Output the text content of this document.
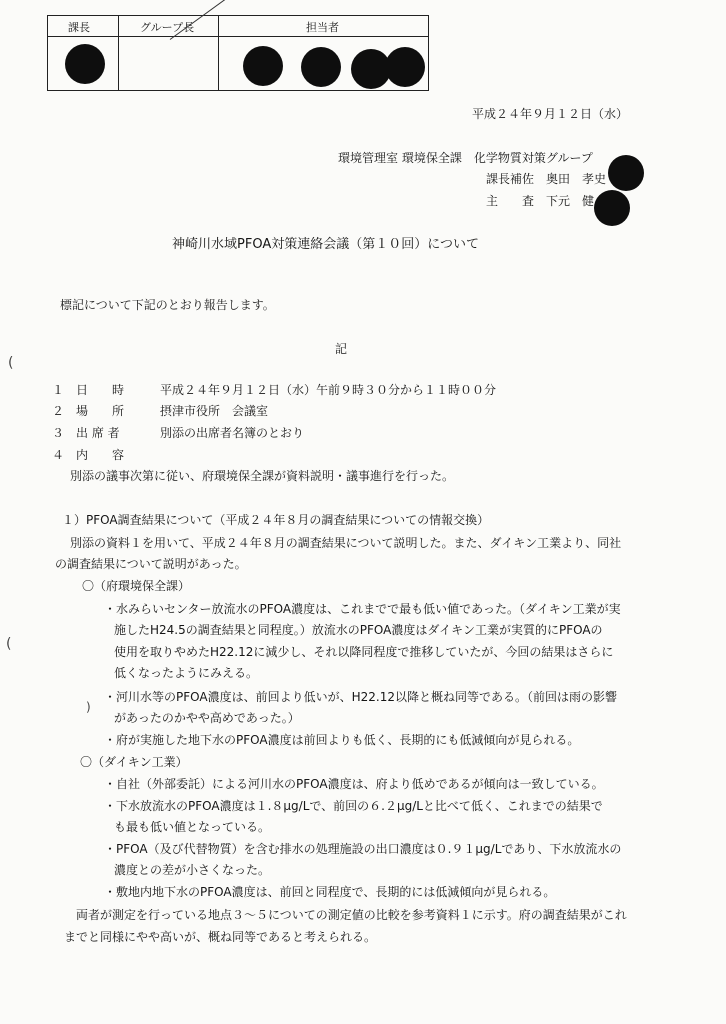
課長	グループ長	担当者
平成２４年９月１２日（水）
環境管理室 環境保全課　化学物質対策グループ
課長補佐　奥田　孝史
主　　査　下元　健
神崎川水域PFOA対策連絡会議（第１０回）について
標記について下記のとおり報告します。
記
１　日　　時	平成２４年９月１２日（水）午前９時３０分から１１時００分
２　場　　所	摂津市役所　会議室
３　出 席 者	別添の出席者名簿のとおり
４　内　　容
別添の議事次第に従い、府環境保全課が資料説明・議事進行を行った。
１）PFOA調査結果について（平成２４年８月の調査結果についての情報交換）
別添の資料１を用いて、平成２４年８月の調査結果について説明した。また、ダイキン工業より、同社
の調査結果について説明があった。
〇（府環境保全課）
・水みらいセンター放流水のPFOA濃度は、これまでで最も低い値であった。（ダイキン工業が実
施したH24.5の調査結果と同程度。）放流水のPFOA濃度はダイキン工業が実質的にPFOAの
使用を取りやめたH22.12に減少し、それ以降同程度で推移していたが、今回の結果はさらに
低くなったようにみえる。
・河川水等のPFOA濃度は、前回より低いが、H22.12以降と概ね同等である。（前回は雨の影響
があったのかやや高めであった。）
・府が実施した地下水のPFOA濃度は前回よりも低く、長期的にも低減傾向が見られる。
〇（ダイキン工業）
・自社（外部委託）による河川水のPFOA濃度は、府より低めであるが傾向は一致している。
・下水放流水のPFOA濃度は１.８μg/Lで、前回の６.２μg/Lと比べて低く、これまでの結果で
も最も低い値となっている。
・PFOA（及び代替物質）を含む排水の処理施設の出口濃度は０.９１μg/Lであり、下水放流水の
濃度との差が小さくなった。
・敷地内地下水のPFOA濃度は、前回と同程度で、長期的には低減傾向が見られる。
両者が測定を行っている地点３～５についての測定値の比較を参考資料１に示す。府の調査結果がこれ
までと同様にやや高いが、概ね同等であると考えられる。
(
(
)
